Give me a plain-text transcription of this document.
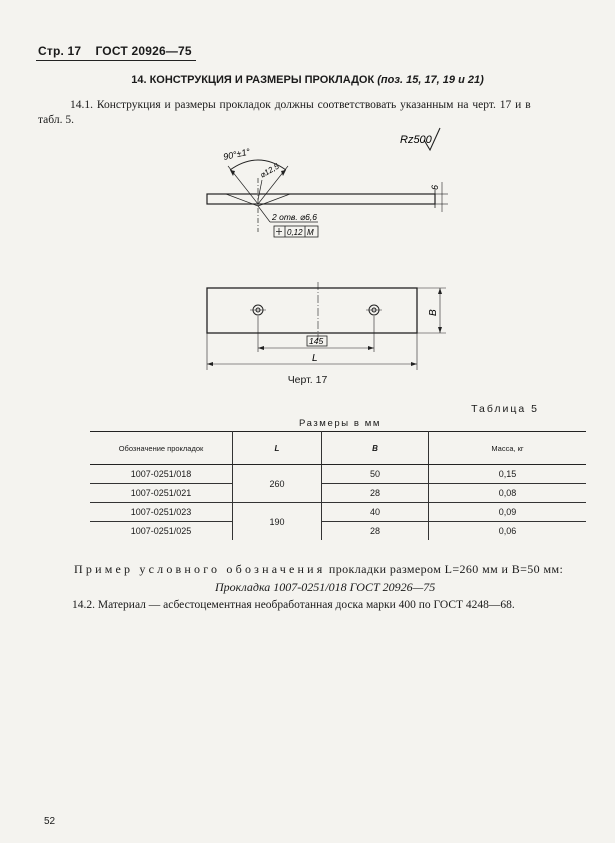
Стр. 17 ГОСТ 20926—75
14. КОНСТРУКЦИЯ И РАЗМЕРЫ ПРОКЛАДОК (поз. 15, 17, 19 и 21)
14.1. Конструкция и размеры прокладок должны соответствовать указанным на черт. 17 и в
табл. 5.
Rz500
90°±1°
⌀12,5
6
2 отв. ⌀6,6
0,12 М
145
L
B
Черт. 17
Таблица 5
Размеры в мм
Обозначение прокладок	L	B	Масса, кг
1007-0251/018	260	50	0,15
1007-0251/021		28	0,08
1007-0251/023	190	40	0,09
1007-0251/025		28	0,06
Пример условного обозначения прокладки размером L=260 мм и B=50 мм:
Прокладка 1007-0251/018 ГОСТ 20926—75
14.2. Материал — асбестоцементная необработанная доска марки 400 по ГОСТ 4248—68.
52
